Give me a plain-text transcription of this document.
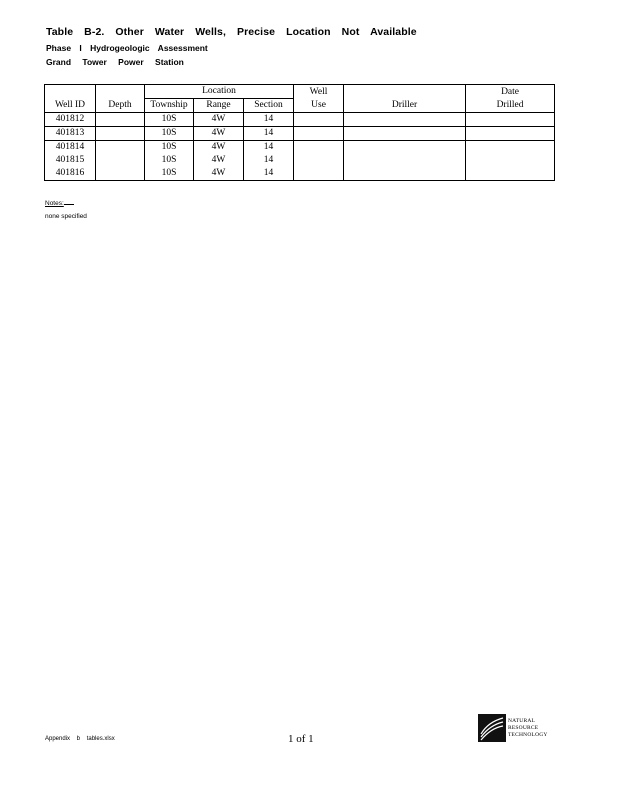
Table B-2. Other Water Wells, Precise Location Not Available
Phase I Hydrogeologic Assessment
Grand Tower Power Station
		Location			Well		Date
Well ID	Depth	Township	Range	Section	Use	Driller	Drilled
401812		10S	4W	14			
401813		10S	4W	14			
401814		10S	4W	14			
401815		10S	4W	14			
401816		10S	4W	14			
Notes:
none specified
Appendix b tables.xlsx	1 of 1
NATURAL
RESOURCE
TECHNOLOGY
